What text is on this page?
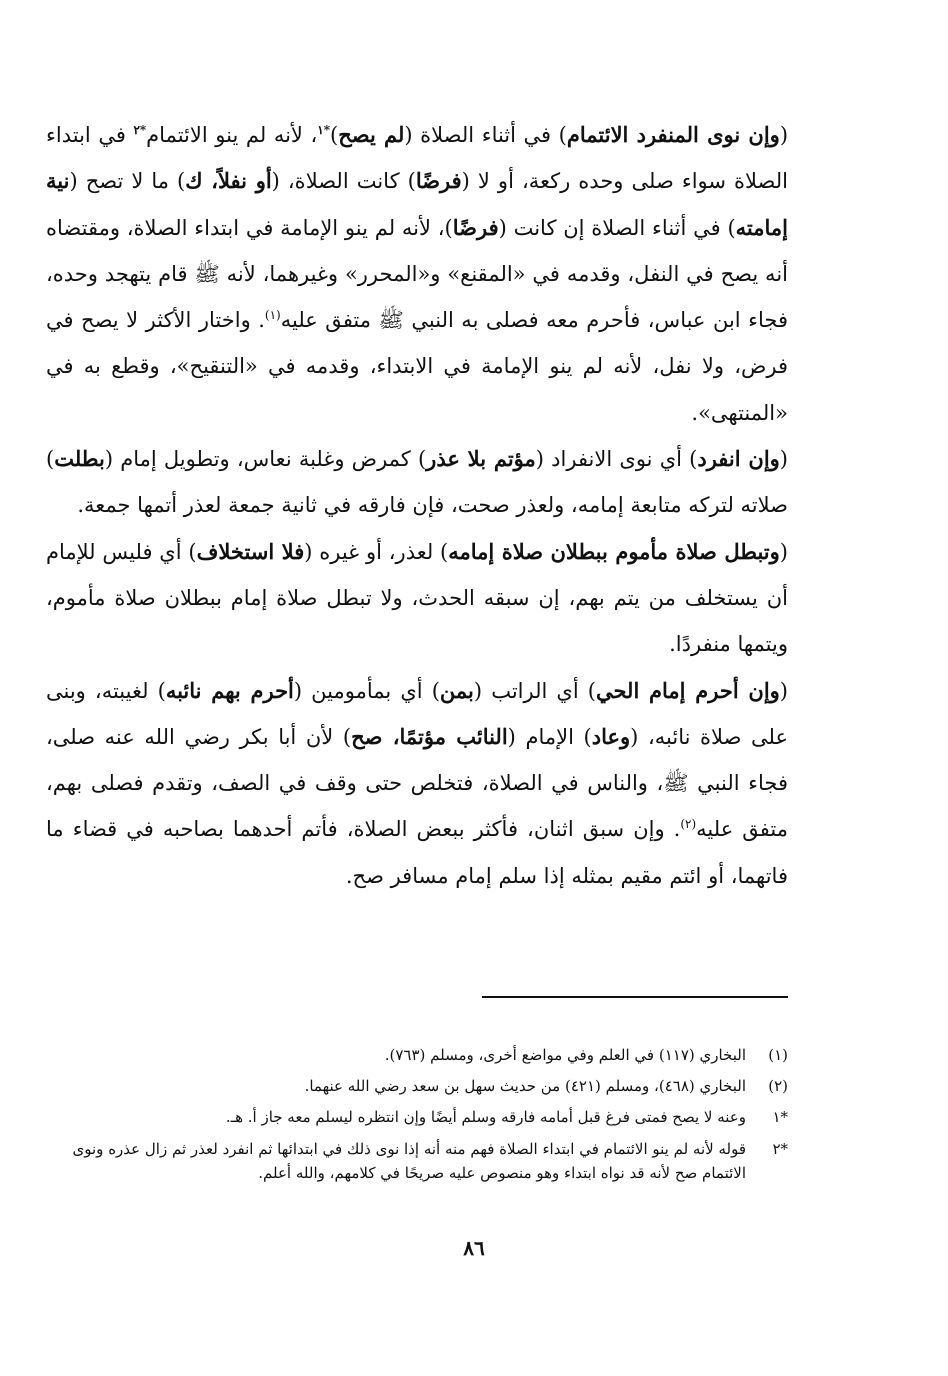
(وإن نوى المنفرد الائتمام) في أثناء الصلاة (لم يصح)$^{*١}$، لأنه لم ينو الائتمام$^{*٢}$ في ابتداء الصلاة سواء صلى وحده ركعة، أو لا (فرضًا) كانت الصلاة، (أو نفلاً، ك) ما لا تصح (نية إمامته) في أثناء الصلاة إن كانت (فرضًا)، لأنه لم ينو الإمامة في ابتداء الصلاة، ومقتضاه أنه يصح في النفل، وقدمه في «المقنع» و«المحرر» وغيرهما، لأنه ﷺ قام يتهجد وحده، فجاء ابن عباس، فأحرم معه فصلى به النبي ﷺ متفق عليه$^{(١)}$. واختار الأكثر لا يصح في فرض، ولا نفل، لأنه لم ينو الإمامة في الابتداء، وقدمه في «التنقيح»، وقطع به في «المنتهى».

(وإن انفرد) أي نوى الانفراد (مؤتم بلا عذر) كمرض وغلبة نعاس، وتطويل إمام (بطلت) صلاته لتركه متابعة إمامه، ولعذر صحت، فإن فارقه في ثانية جمعة لعذر أتمها جمعة.

(وتبطل صلاة مأموم ببطلان صلاة إمامه) لعذر، أو غيره (فلا استخلاف) أي فليس للإمام أن يستخلف من يتم بهم، إن سبقه الحدث، ولا تبطل صلاة إمام ببطلان صلاة مأموم، ويتمها منفردًا.

(وإن أحرم إمام الحي) أي الراتب (بمن) أي بمأمومين (أحرم بهم نائبه) لغيبته، وبنى على صلاة نائبه، (وعاد) الإمام (النائب مؤتمًا، صح) لأن أبا بكر رضي الله عنه صلى، فجاء النبي ﷺ، والناس في الصلاة، فتخلص حتى وقف في الصف، وتقدم فصلى بهم، متفق عليه$^{(٢)}$. وإن سبق اثنان، فأكثر ببعض الصلاة، فأتم أحدهما بصاحبه في قضاء ما فاتهما، أو ائتم مقيم بمثله إذا سلم إمام مسافر صح.

(١)
البخاري (١١٧) في العلم وفي مواضع أخرى، ومسلم (٧٦٣).
(٢)
البخاري (٤٦٨)، ومسلم (٤٢١) من حديث سهل بن سعد رضي الله عنهما.
*١
وعنه لا يصح فمتى فرغ قبل أمامه فارقه وسلم أيضًا وإن انتظره ليسلم معه جاز أ. هـ.
*٢
قوله لأنه لم ينو الائتمام في ابتداء الصلاة فهم منه أنه إذا نوى ذلك في ابتدائها ثم انفرد لعذر ثم زال عذره ونوى الائتمام صح لأنه قد نواه ابتداء وهو منصوص عليه صريحًا في كلامهم، والله أعلم.
٨٦
